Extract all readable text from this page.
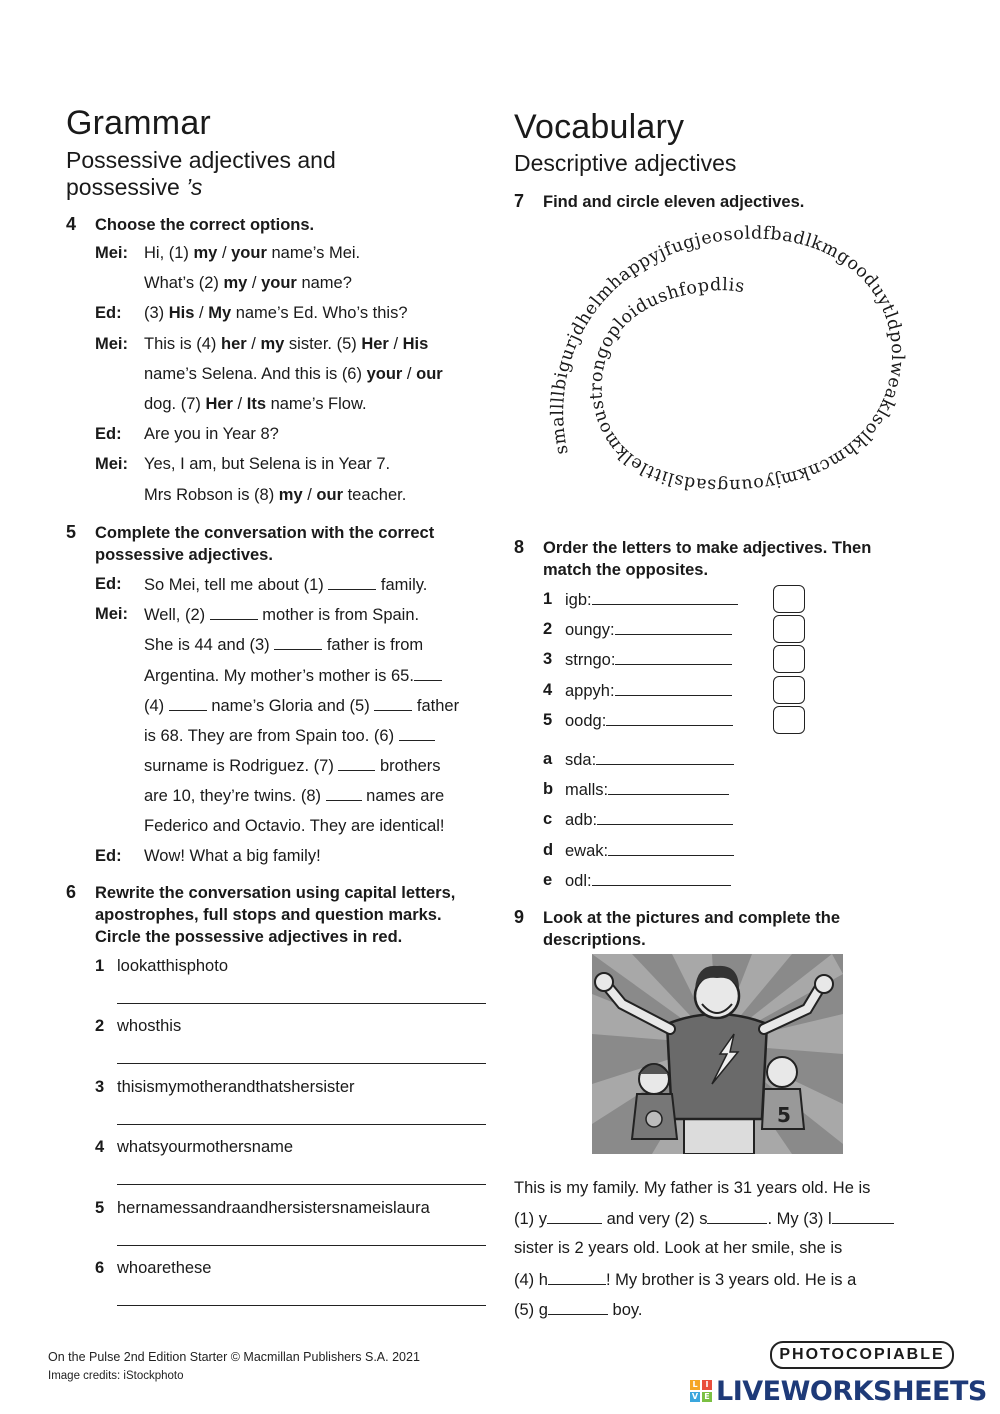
Grammar
Possessive adjectives and
possessive ’s
4 Choose the correct options.
Mei: Hi, (1) my / your name’s Mei.
What’s (2) my / your name?
Ed: (3) His / My name’s Ed. Who’s this?
Mei: This is (4) her / my sister. (5) Her / His
name’s Selena. And this is (6) your / our
dog. (7) Her / Its name’s Flow.
Ed: Are you in Year 8?
Mei: Yes, I am, but Selena is in Year 7.
Mrs Robson is (8) my / our teacher.
5 Complete the conversation with the correct
possessive adjectives.
Ed: So Mei, tell me about (1)	family.
Mei: Well, (2)	mother is from Spain.
She is 44 and (3)	father is from
Argentina. My mother’s mother is 65.
(4)  name’s Gloria and (5)  father
is 68. They are from Spain too. (6)
surname is Rodriguez. (7)  brothers
are 10, they’re twins. (8)  names are
Federico and Octavio. They are identical!
Ed: Wow! What a big family!
6 Rewrite the conversation using capital letters,
apostrophes, full stops and question marks.
Circle the possessive adjectives in red.
1 lookatthisphoto
2 whosthis
3 thisismymotherandthatshersister
4 whatsyourmothersname
5 hernamessandraandhersistersnameislaura
6 whoarethese
Vocabulary
Descriptive adjectives
7 Find and circle eleven adjectives.
smallllbigurjdhelmhappyjfugjeosoldfbadlkmgooduytldpolweaklsolkhmcnkmjyoungsadslittlelkmoustrongoploidushfopdlis
8 Order the letters to make adjectives. Then
match the opposites.
1 igb:
2 oungy:
3 strngo:
4 appyh:
5 oodg:
a sda:
b malls:
c adb:
d ewak:
e odl:
9 Look at the pictures and complete the
descriptions.
5
This is my family. My father is 31 years old. He is
(1) y	and very (2) s	. My (3) l
sister is 2 years old. Look at her smile, she is
(4) h	! My brother is 3 years old. He is a
(5) g	boy.
On the Pulse 2nd Edition Starter © Macmillan Publishers S.A. 2021
Image credits: iStockphoto
PHOTOCOPIABLE
L I
V E LIVEWORKSHEETS
